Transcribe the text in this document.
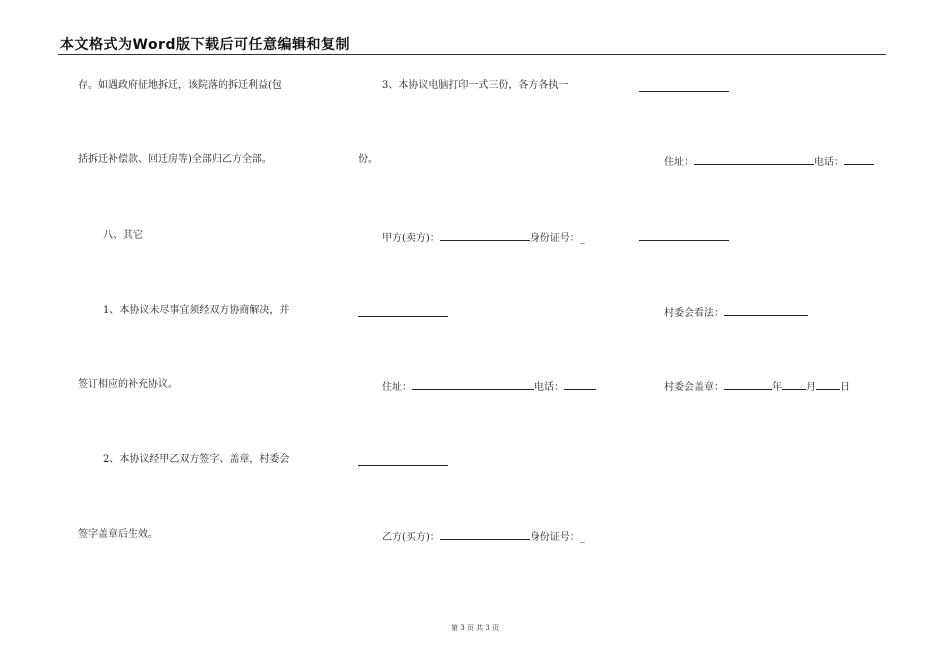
本文格式为Word版下载后可任意编辑和复制
存。如遇政府征地拆迁，该院落的拆迁利益(包
括拆迁补偿款、回迁房等)全部归乙方全部。
八、其它
1、本协议未尽事宜须经双方协商解决，并
签订相应的补充协议。
2、本协议经甲乙双方签字、盖章，村委会
签字盖章后生效。
3、本协议电脑打印一式三份，各方各执一
份。
甲方(卖方)：	身份证号：_
住址：	电话：
乙方(买方)：	身份证号：_
住址：	电话：
村委会看法：
村委会盖章：	年 月 日
第 3 页 共 3 页
